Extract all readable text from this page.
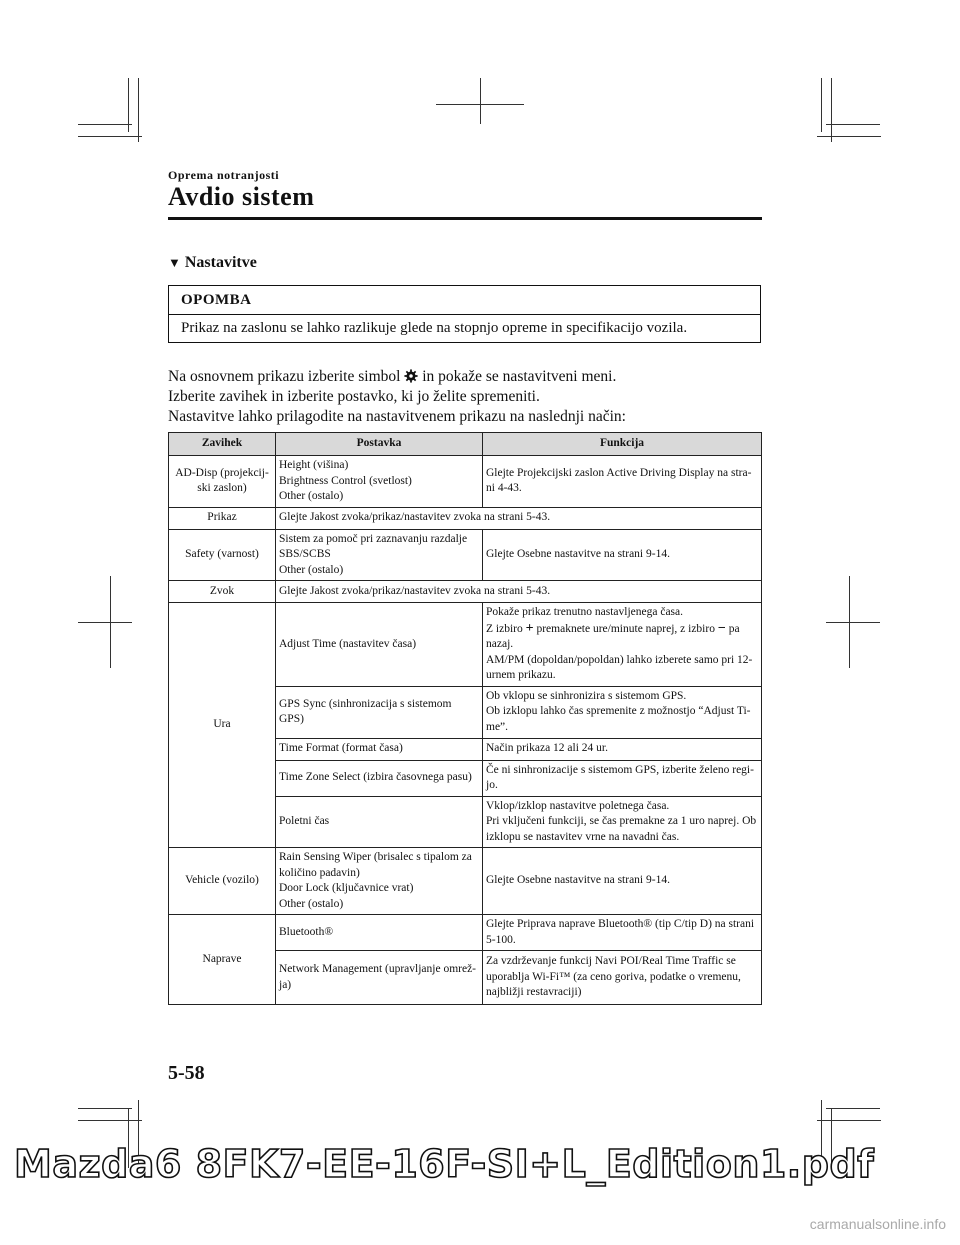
Oprema notranjosti
Avdio sistem
▼ Nastavitve
OPOMBA
Prikaz na zaslonu se lahko razlikuje glede na stopnjo opreme in specifikacijo vozila.
Na osnovnem prikazu izberite simbol  in pokaže se nastavitveni meni.
Izberite zavihek in izberite postavko, ki jo želite spremeniti.
Nastavitve lahko prilagodite na nastavitvenem prikazu na naslednji način:
Zavihek	Postavka	Funkcija
AD-Disp (projekcij-ski zaslon)	Height (višina)
Brightness Control (svetlost)
Other (ostalo)	Glejte Projekcijski zaslon Active Driving Display na stra-ni 4-43.
Prikaz	Glejte Jakost zvoka/prikaz/nastavitev zvoka na strani 5-43.	
Safety (varnost)	Sistem za pomoč pri zaznavanju razdalje
SBS/SCBS
Other (ostalo)	Glejte Osebne nastavitve na strani 9-14.
Zvok	Glejte Jakost zvoka/prikaz/nastavitev zvoka na strani 5-43.	
Ura	Adjust Time (nastavitev časa)	Pokaže prikaz trenutno nastavljenega časa.
Z izbiro + premaknete ure/minute naprej, z izbiro − pa nazaj.
AM/PM (dopoldan/popoldan) lahko izberete samo pri 12-urnem prikazu.

	GPS Sync (sinhronizacija s sistemom GPS)	Ob vklopu se sinhronizira s sistemom GPS.
Ob izklopu lahko čas spremenite z možnostjo “Adjust Ti-me”.

	Time Format (format časa)	Način prikaza 12 ali 24 ur.
	Time Zone Select (izbira časovnega pasu)	Če ni sinhronizacije s sistemom GPS, izberite želeno regi-jo.
	Poletni čas	Vklop/izklop nastavitve poletnega časa.
Pri vključeni funkciji, se čas premakne za 1 uro naprej. Ob izklopu se nastavitev vrne na navadni čas.

Vehicle (vozilo)	Rain Sensing Wiper (brisalec s tipalom za količino padavin)
Door Lock (ključavnice vrat)
Other (ostalo)	Glejte Osebne nastavitve na strani 9-14.
Naprave	Bluetooth®	Glejte Priprava naprave Bluetooth® (tip C/tip D) na strani 5-100.
	Network Management (upravljanje omrež-ja)	Za vzdrževanje funkcij Navi POI/Real Time Traffic se uporablja Wi-Fi™ (za ceno goriva, podatke o vremenu, najbližji restavraciji)
5-58
Mazda6 8FK7-EE-16F-SI+L_Edition1.pdf
carmanualsonline.info
